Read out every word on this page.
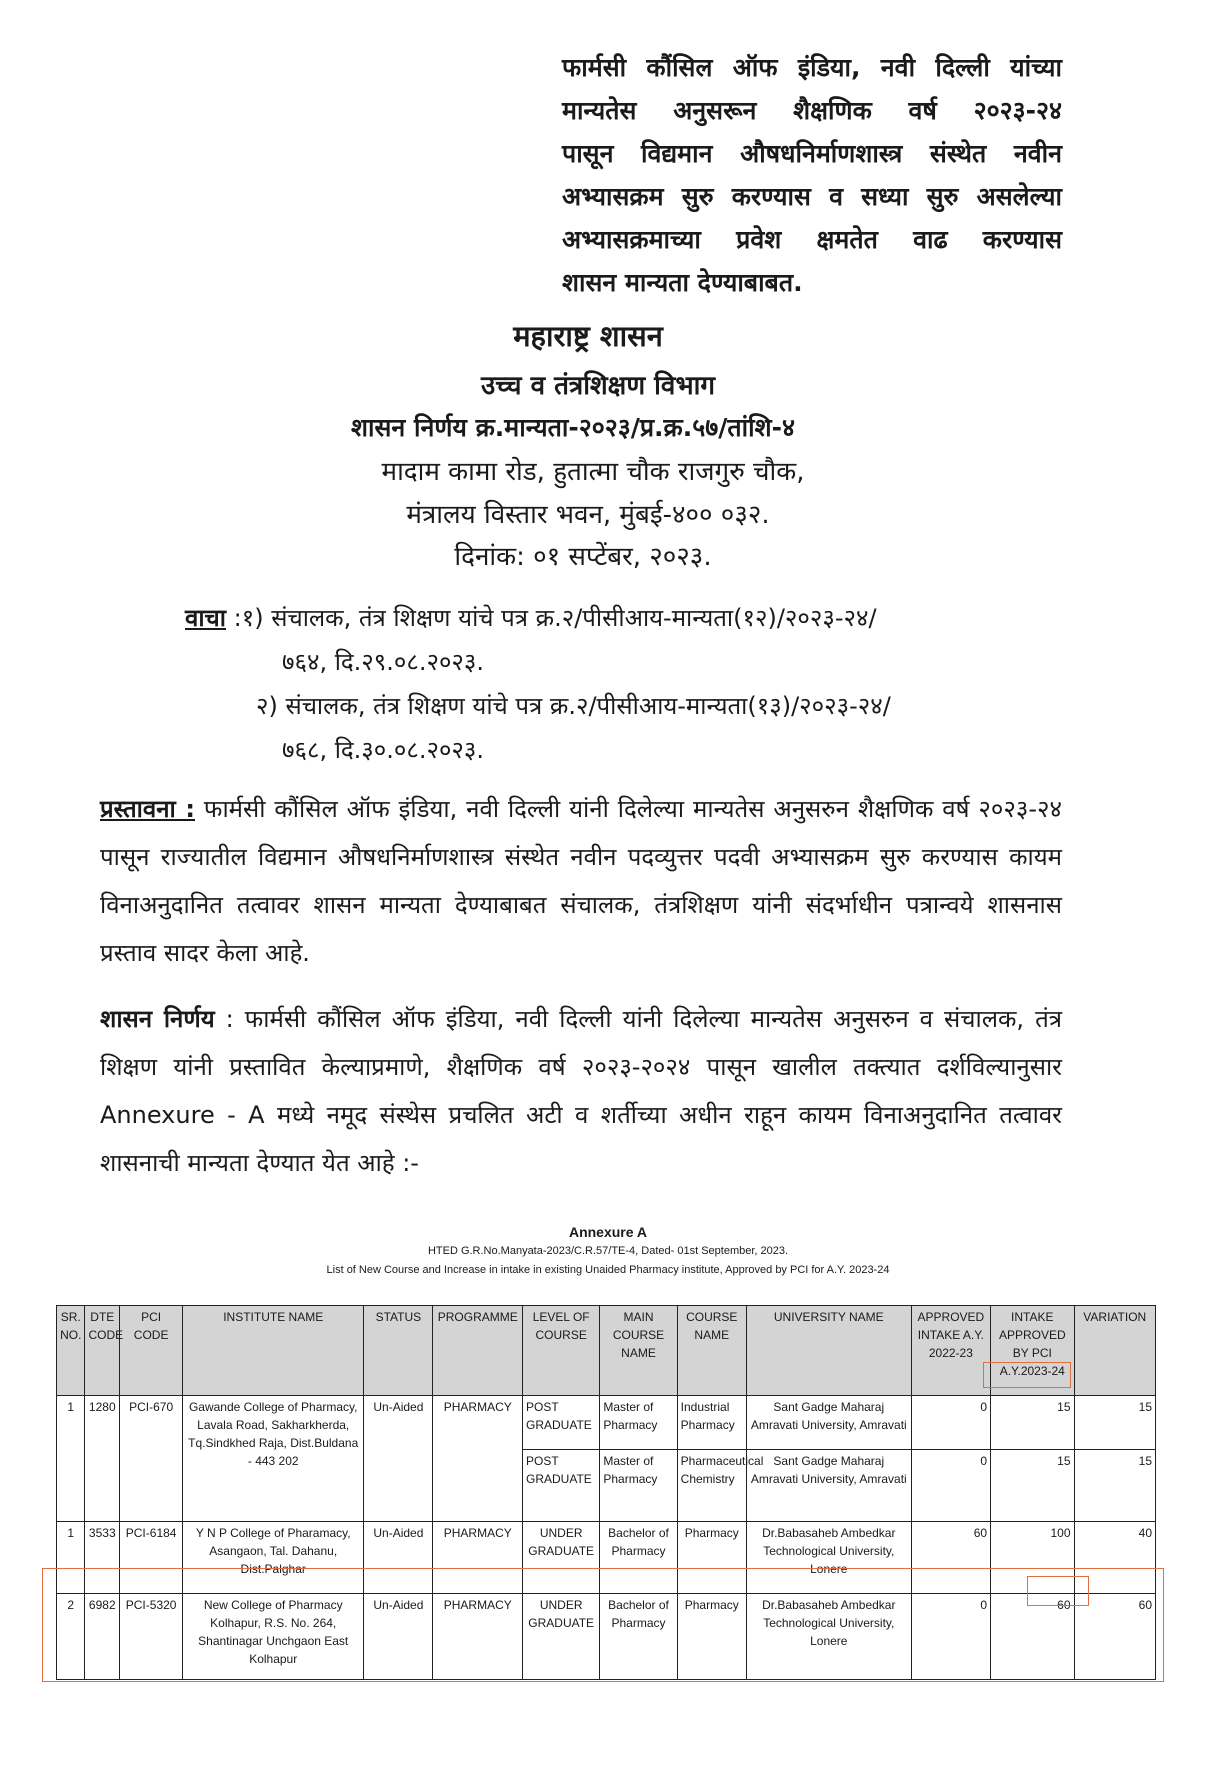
फार्मसी कौंसिल ऑफ इंडिया, नवी दिल्ली यांच्या
मान्यतेस अनुसरून शैक्षणिक वर्ष २०२३-२४
पासून विद्यमान औषधनिर्माणशास्त्र संस्थेत नवीन
अभ्यासक्रम सुरु करण्यास व सध्या सुरु असलेल्या
अभ्यासक्रमाच्या प्रवेश क्षमतेत वाढ करण्यास
शासन मान्यता देण्याबाबत.
महाराष्ट्र शासन
उच्च व तंत्रशिक्षण विभाग
शासन निर्णय क्र.मान्यता-२०२३/प्र.क्र.५७/तांशि-४
मादाम कामा रोड, हुतात्मा चौक राजगुरु चौक,
मंत्रालय विस्तार भवन, मुंबई-४०० ०३२.
दिनांक: ०१ सप्टेंबर, २०२३.
वाचा :१) संचालक, तंत्र शिक्षण यांचे पत्र क्र.२/पीसीआय-मान्यता(१२)/२०२३-२४/
७६४, दि.२९.०८.२०२३.
२) संचालक, तंत्र शिक्षण यांचे पत्र क्र.२/पीसीआय-मान्यता(१३)/२०२३-२४/
७६८, दि.३०.०८.२०२३.
प्रस्तावना : फार्मसी कौंसिल ऑफ इंडिया, नवी दिल्ली यांनी दिलेल्या मान्यतेस अनुसरुन शैक्षणिक वर्ष २०२३-२४ पासून राज्यातील विद्यमान औषधनिर्माणशास्त्र संस्थेत नवीन पदव्युत्तर पदवी अभ्यासक्रम सुरु करण्यास कायम विनाअनुदानित तत्वावर शासन मान्यता देण्याबाबत संचालक, तंत्रशिक्षण यांनी संदर्भाधीन पत्रान्वये शासनास प्रस्ताव सादर केला आहे.
शासन निर्णय : फार्मसी कौंसिल ऑफ इंडिया, नवी दिल्ली यांनी दिलेल्या मान्यतेस अनुसरुन व संचालक, तंत्र शिक्षण यांनी प्रस्तावित केल्याप्रमाणे, शैक्षणिक वर्ष २०२३-२०२४ पासून खालील तक्त्यात दर्शविल्यानुसार Annexure - A मध्ये नमूद संस्थेस प्रचलित अटी व शर्तीच्या अधीन राहून कायम विनाअनुदानित तत्वावर शासनाची मान्यता देण्यात येत आहे :-
Annexure A
HTED G.R.No.Manyata-2023/C.R.57/TE-4, Dated- 01st September, 2023.
List of New Course and Increase in intake in existing Unaided Pharmacy institute, Approved by PCI for A.Y. 2023-24
SR. NO.	DTE CODE	PCI CODE	INSTITUTE NAME	STATUS	PROGRAMME	LEVEL OF COURSE	MAIN COURSE NAME	COURSE NAME	UNIVERSITY NAME	APPROVED INTAKE A.Y. 2022-23	INTAKE APPROVED BY PCI
A.Y.2023-24	VARIATION
1	1280	PCI-670	Gawande College of Pharmacy, Lavala Road, Sakharkherda, Tq.Sindkhed Raja, Dist.Buldana - 443 202	Un-Aided	PHARMACY	POST GRADUATE	Master of Pharmacy	Industrial Pharmacy	Sant Gadge Maharaj Amravati University, Amravati	0	15	15
						POST GRADUATE	Master of Pharmacy	Pharmaceutical Chemistry	Sant Gadge Maharaj Amravati University, Amravati	0	15	15
1	3533	PCI-6184	Y N P College of Pharamacy, Asangaon, Tal. Dahanu, Dist.Palghar	Un-Aided	PHARMACY	UNDER GRADUATE	Bachelor of Pharmacy	Pharmacy	Dr.Babasaheb Ambedkar Technological University, Lonere	60	100	40
2	6982	PCI-5320	New College of Pharmacy Kolhapur, R.S. No. 264, Shantinagar Unchgaon East Kolhapur	Un-Aided	PHARMACY	UNDER GRADUATE	Bachelor of Pharmacy	Pharmacy	Dr.Babasaheb Ambedkar Technological University, Lonere	0	60	60
